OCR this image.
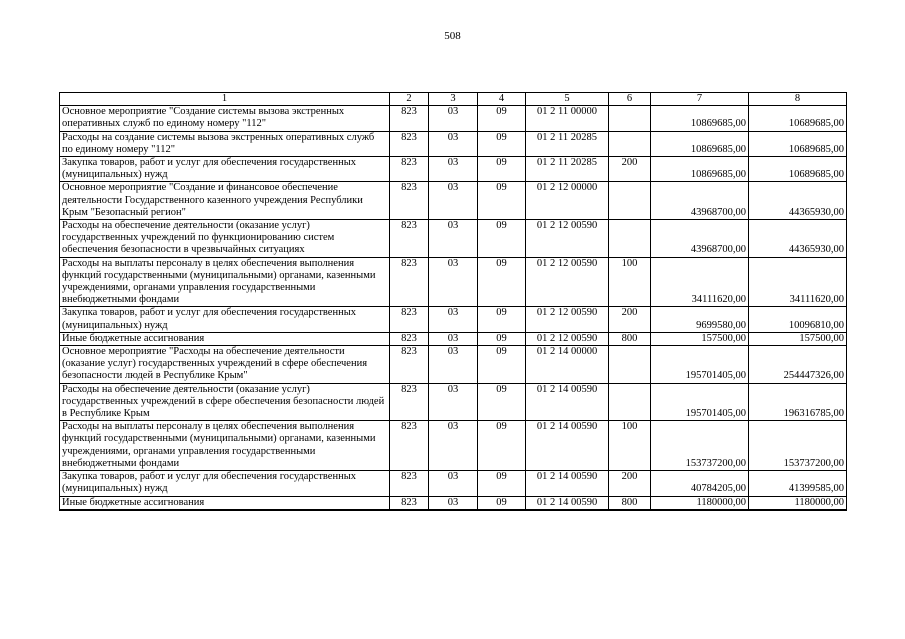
508
1	2	3	4	5	6	7	8
Основное мероприятие "Создание системы вызова экстренных оперативных служб по единому номеру "112"	823	03	09	01 2 11 00000		10869685,00	10689685,00
Расходы на создание системы вызова экстренных оперативных служб по единому номеру "112"	823	03	09	01 2 11 20285		10869685,00	10689685,00
Закупка товаров, работ и услуг для обеспечения государственных (муниципальных) нужд	823	03	09	01 2 11 20285	200	10869685,00	10689685,00
Основное мероприятие "Создание и финансовое обеспечение деятельности Государственного казенного учреждения Республики Крым "Безопасный регион"	823	03	09	01 2 12 00000		43968700,00	44365930,00
Расходы на обеспечение деятельности (оказание услуг) государственных учреждений по функционированию систем обеспечения безопасности в чрезвычайных ситуациях	823	03	09	01 2 12 00590		43968700,00	44365930,00
Расходы на выплаты персоналу в целях обеспечения выполнения функций государственными (муниципальными) органами, казенными учреждениями, органами управления государственными внебюджетными фондами	823	03	09	01 2 12 00590	100	34111620,00	34111620,00
Закупка товаров, работ и услуг для обеспечения государственных (муниципальных) нужд	823	03	09	01 2 12 00590	200	9699580,00	10096810,00
Иные бюджетные ассигнования	823	03	09	01 2 12 00590	800	157500,00	157500,00
Основное мероприятие "Расходы на обеспечение деятельности (оказание услуг) государственных учреждений в сфере обеспечения безопасности людей в Республике Крым"	823	03	09	01 2 14 00000		195701405,00	254447326,00
Расходы на обеспечение деятельности (оказание услуг) государственных учреждений в сфере обеспечения безопасности людей в Республике Крым	823	03	09	01 2 14 00590		195701405,00	196316785,00
Расходы на выплаты персоналу в целях обеспечения выполнения функций государственными (муниципальными) органами, казенными учреждениями, органами управления государственными внебюджетными фондами	823	03	09	01 2 14 00590	100	153737200,00	153737200,00
Закупка товаров, работ и услуг для обеспечения государственных (муниципальных) нужд	823	03	09	01 2 14 00590	200	40784205,00	41399585,00
Иные бюджетные ассигнования	823	03	09	01 2 14 00590	800	1180000,00	1180000,00
